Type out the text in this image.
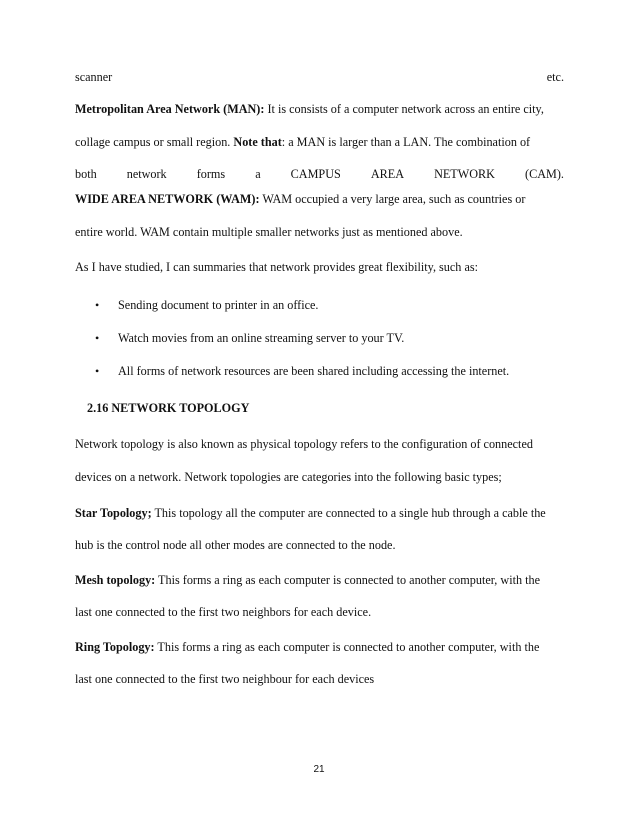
scanner	etc.
Metropolitan Area Network (MAN): It is consists of a computer network across an entire city,
collage campus or small region. Note that: a MAN is larger than a LAN. The combination of
both network forms a CAMPUS AREA NETWORK (CAM).
WIDE AREA NETWORK (WAM): WAM occupied a very large area, such as countries or
entire world. WAM contain multiple smaller networks just as mentioned above.
As I have studied, I can summaries that network provides great flexibility, such as:
Sending document to printer in an office.
Watch movies from an online streaming server to your TV.
All forms of network resources are been shared including accessing the internet.
2.16 NETWORK TOPOLOGY
Network topology is also known as physical topology refers to the configuration of connected
devices on a network. Network topologies are categories into the following basic types;
Star Topology; This topology all the computer are connected to a single hub through a cable the
hub is the control node all other modes are connected to the node.
Mesh topology: This forms a ring as each computer is connected to another computer, with the
last one connected to the first two neighbors for each device.
Ring Topology: This forms a ring as each computer is connected to another computer, with the
last one connected to the first two neighbour for each devices
21
